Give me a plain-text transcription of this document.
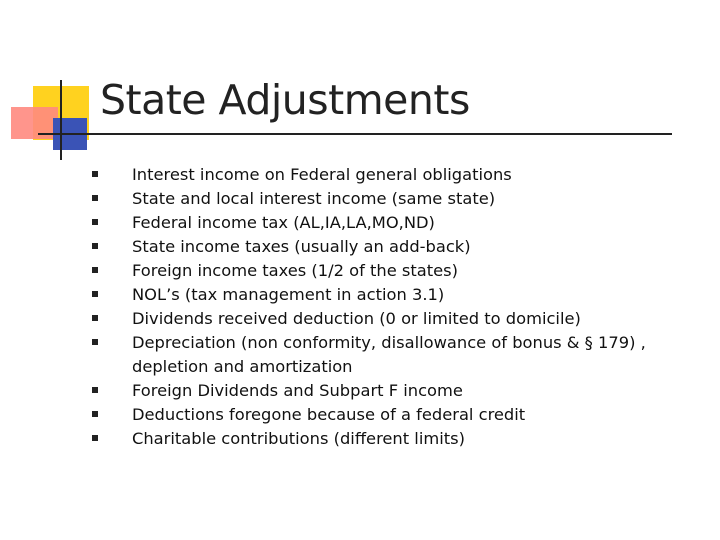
State Adjustments
Interest income on Federal general obligations
State and local interest income (same state)
Federal income tax (AL,IA,LA,MO,ND)
State income taxes (usually an add-back)
Foreign income taxes (1/2 of the states)
NOL’s (tax management in action 3.1)
Dividends received deduction (0 or limited to domicile)
Depreciation (non conformity, disallowance of bonus & § 179) , depletion and amortization
Foreign Dividends and Subpart F income
Deductions foregone because of a federal credit
Charitable contributions (different limits)
